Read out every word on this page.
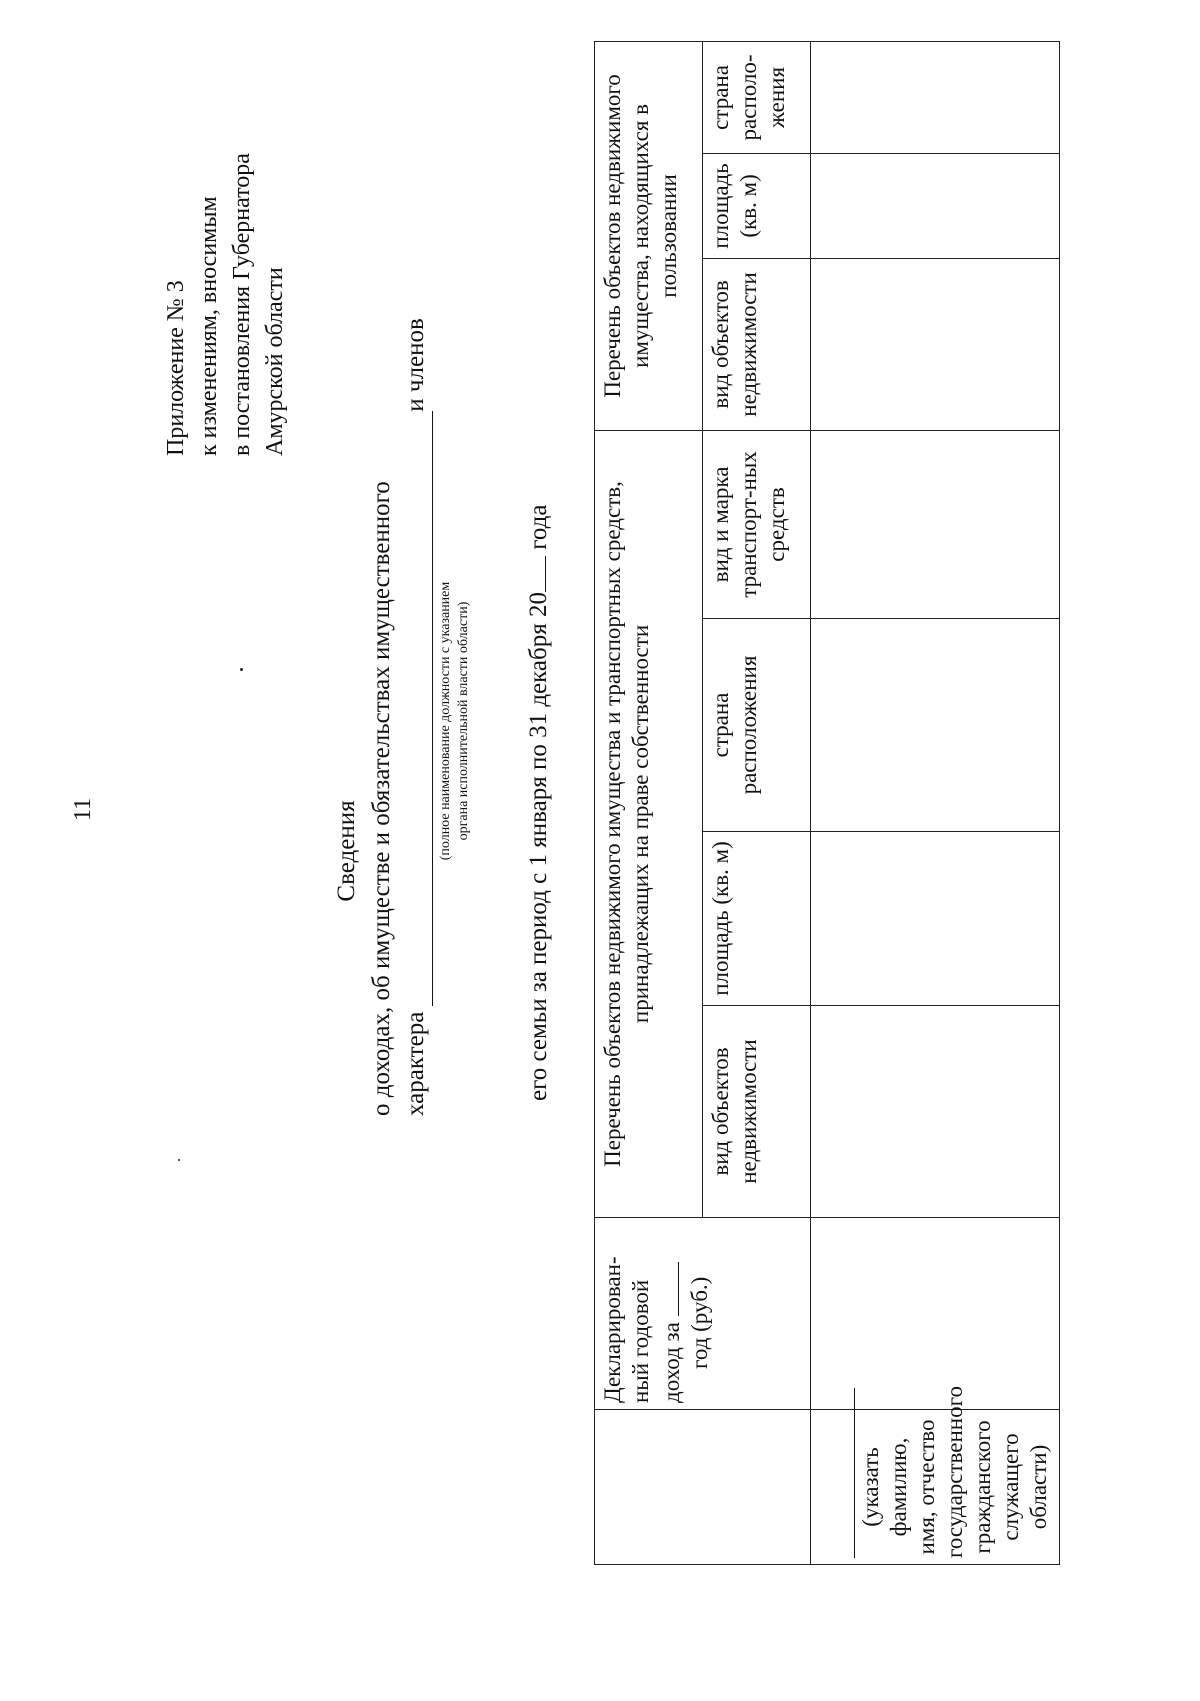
11
Приложение № 3 к изменениям, вносимым в постановления Губернатора Амурской области
Сведения о доходах, об имуществе и обязательствах имущественного характераи членов
(полное наименование должности с указанием органа исполнительной власти области) его семьи за период с 1 января по 31 декабря 20 года

	Декларирован- ный годовой доход за год (руб.)	Перечень объектов недвижимого имущества и транспортных средств, принадлежащих на праве собственности				Перечень объектов недвижимого имущества, находящихся в пользовании		
		вид объектов недвижимости	площадь (кв. м)	страна расположения	вид и марка транспорт-ных средств	вид объектов недвижимости	площадь (кв. м)	страна располо-жения

(указать фамилию, имя, отчество государственного гражданского служащего области)								
